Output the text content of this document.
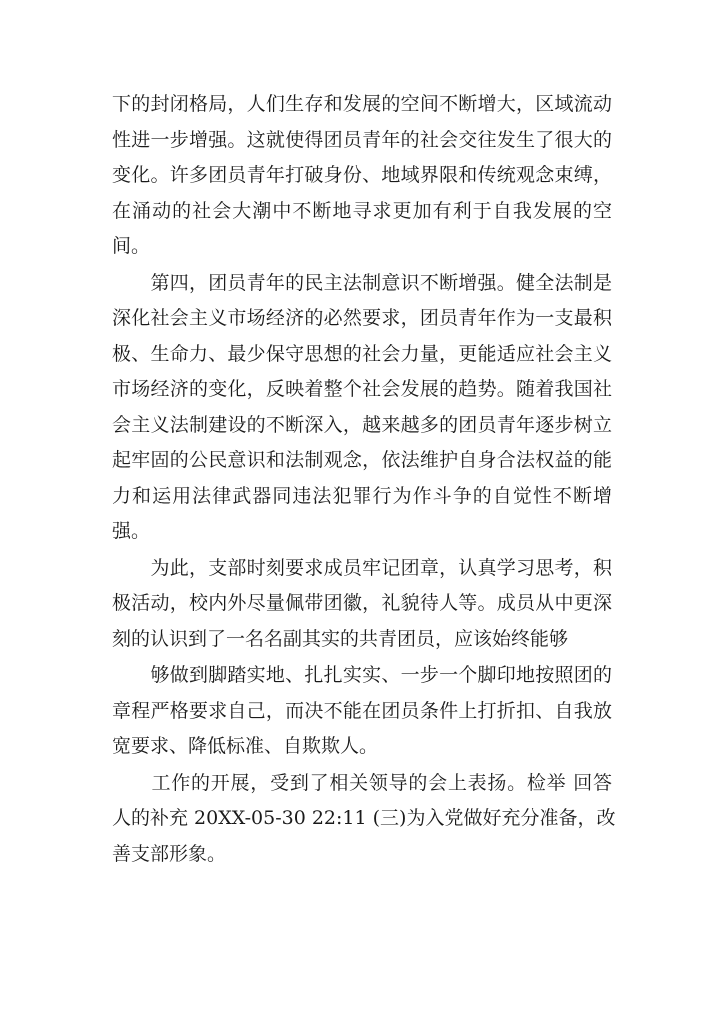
下的封闭格局，人们生存和发展的空间不断增大，区域流动
性进一步增强。这就使得团员青年的社会交往发生了很大的
变化。许多团员青年打破身份、地域界限和传统观念束缚，
在涌动的社会大潮中不断地寻求更加有利于自我发展的空
间。
　　第四，团员青年的民主法制意识不断增强。健全法制是
深化社会主义市场经济的必然要求，团员青年作为一支最积
极、生命力、最少保守思想的社会力量，更能适应社会主义
市场经济的变化，反映着整个社会发展的趋势。随着我国社
会主义法制建设的不断深入，越来越多的团员青年逐步树立
起牢固的公民意识和法制观念，依法维护自身合法权益的能
力和运用法律武器同违法犯罪行为作斗争的自觉性不断增
强。
　　为此，支部时刻要求成员牢记团章，认真学习思考，积
极活动，校内外尽量佩带团徽，礼貌待人等。成员从中更深
刻的认识到了一名名副其实的共青团员，应该始终能够
　　够做到脚踏实地、扎扎实实、一步一个脚印地按照团的
章程严格要求自己，而决不能在团员条件上打折扣、自我放
宽要求、降低标准、自欺欺人。
　　工作的开展，受到了相关领导的会上表扬。检举 回答
人的补充 20XX-05-30 22:11 (三)为入党做好充分准备，改
善支部形象。
